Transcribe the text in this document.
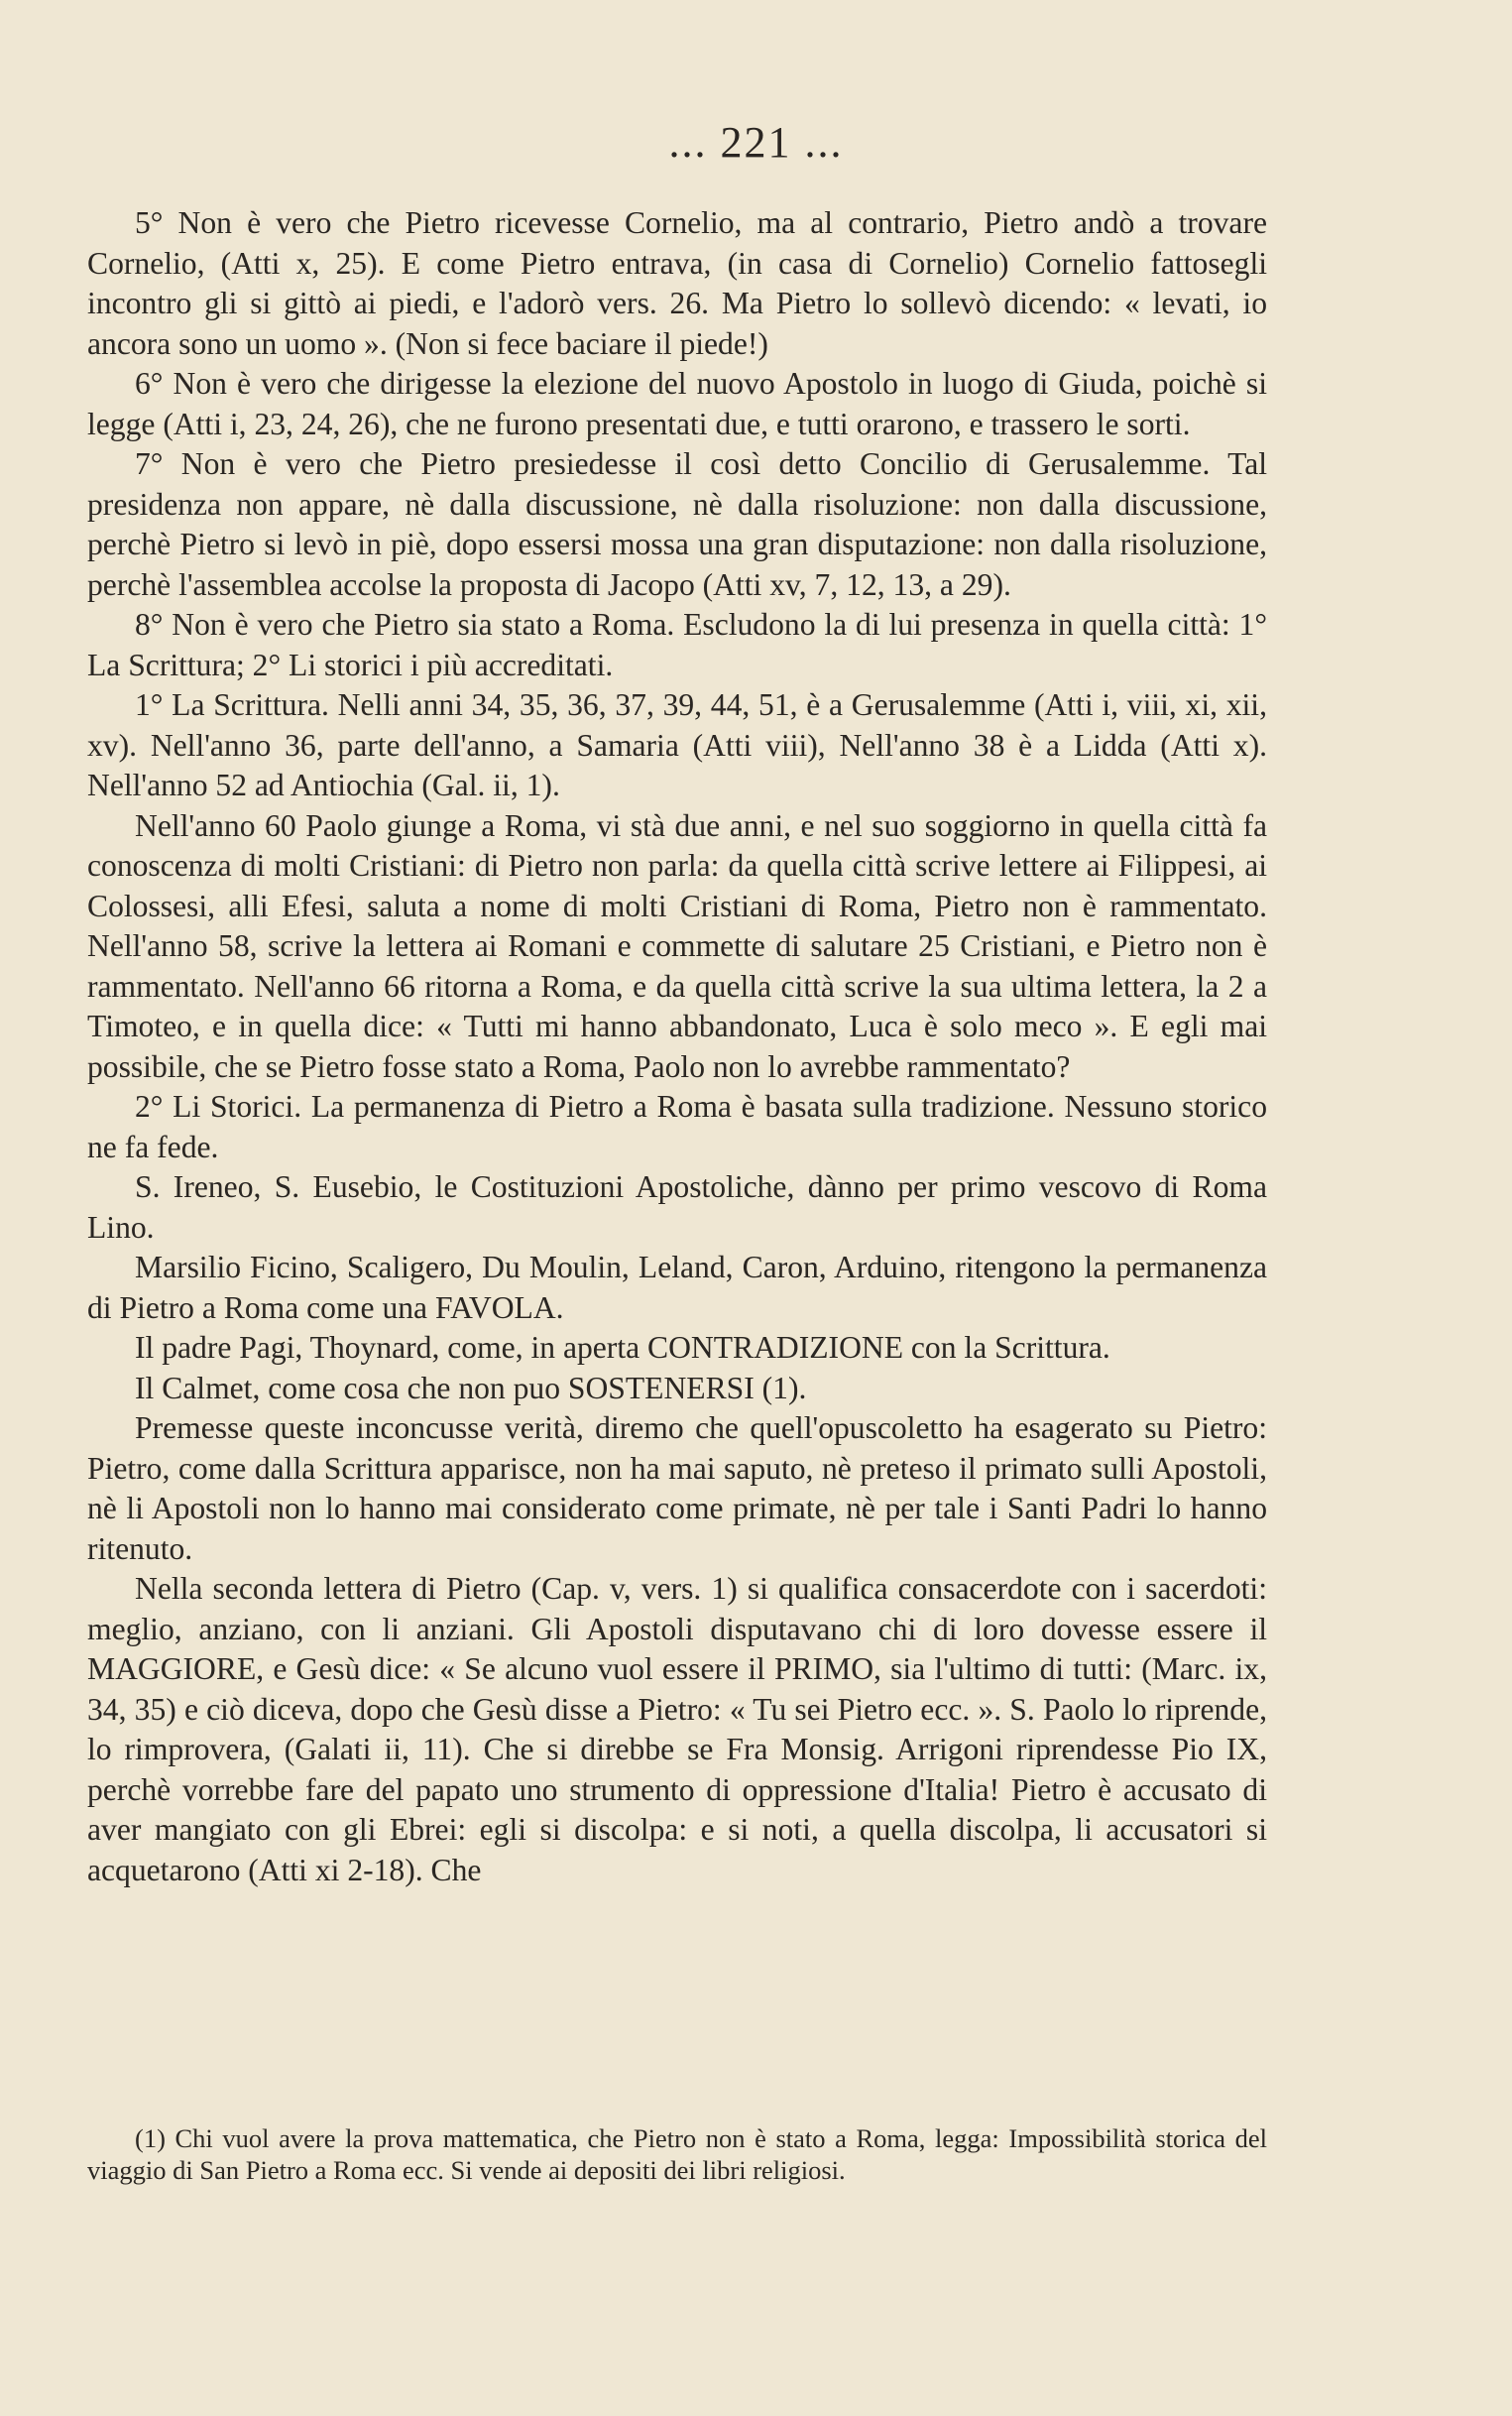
... 221 ...

5° Non è vero che Pietro ricevesse Cornelio, ma al contrario, Pietro andò a trovare Cornelio, (Atti x, 25). E come Pietro entrava, (in casa di Cornelio) Cornelio fattosegli incontro gli si gittò ai piedi, e l'adorò vers. 26. Ma Pietro lo sollevò dicendo: « levati, io ancora sono un uomo ». (Non si fece baciare il piede!)

6° Non è vero che dirigesse la elezione del nuovo Apostolo in luogo di Giuda, poichè si legge (Atti i, 23, 24, 26), che ne furono presentati due, e tutti orarono, e trassero le sorti.

7° Non è vero che Pietro presiedesse il così detto Concilio di Gerusalemme. Tal presidenza non appare, nè dalla discussione, nè dalla risoluzione: non dalla discussione, perchè Pietro si levò in piè, dopo essersi mossa una gran disputazione: non dalla risoluzione, perchè l'assemblea accolse la proposta di Jacopo (Atti xv, 7, 12, 13, a 29).

8° Non è vero che Pietro sia stato a Roma. Escludono la di lui presenza in quella città: 1° La Scrittura; 2° Li storici i più accreditati.

1° La Scrittura. Nelli anni 34, 35, 36, 37, 39, 44, 51, è a Gerusalemme (Atti i, viii, xi, xii, xv). Nell'anno 36, parte dell'anno, a Samaria (Atti viii), Nell'anno 38 è a Lidda (Atti x). Nell'anno 52 ad Antiochia (Gal. ii, 1).

Nell'anno 60 Paolo giunge a Roma, vi stà due anni, e nel suo soggiorno in quella città fa conoscenza di molti Cristiani: di Pietro non parla: da quella città scrive lettere ai Filippesi, ai Colossesi, alli Efesi, saluta a nome di molti Cristiani di Roma, Pietro non è rammentato. Nell'anno 58, scrive la lettera ai Romani e commette di salutare 25 Cristiani, e Pietro non è rammentato. Nell'anno 66 ritorna a Roma, e da quella città scrive la sua ultima lettera, la 2 a Timoteo, e in quella dice: « Tutti mi hanno abbandonato, Luca è solo meco ». E egli mai possibile, che se Pietro fosse stato a Roma, Paolo non lo avrebbe rammentato?

2° Li Storici. La permanenza di Pietro a Roma è basata sulla tradizione. Nessuno storico ne fa fede.

S. Ireneo, S. Eusebio, le Costituzioni Apostoliche, dànno per primo vescovo di Roma Lino.

Marsilio Ficino, Scaligero, Du Moulin, Leland, Caron, Arduino, ritengono la permanenza di Pietro a Roma come una FAVOLA.

Il padre Pagi, Thoynard, come, in aperta CONTRADIZIONE con la Scrittura.

Il Calmet, come cosa che non puo SOSTENERSI (1).

Premesse queste inconcusse verità, diremo che quell'opuscoletto ha esagerato su Pietro: Pietro, come dalla Scrittura apparisce, non ha mai saputo, nè preteso il primato sulli Apostoli, nè li Apostoli non lo hanno mai considerato come primate, nè per tale i Santi Padri lo hanno ritenuto.

Nella seconda lettera di Pietro (Cap. v, vers. 1) si qualifica consacerdote con i sacerdoti: meglio, anziano, con li anziani. Gli Apostoli disputavano chi di loro dovesse essere il MAGGIORE, e Gesù dice: « Se alcuno vuol essere il PRIMO, sia l'ultimo di tutti: (Marc. ix, 34, 35) e ciò diceva, dopo che Gesù disse a Pietro: « Tu sei Pietro ecc. ». S. Paolo lo riprende, lo rimprovera, (Galati ii, 11). Che si direbbe se Fra Monsig. Arrigoni riprendesse Pio IX, perchè vorrebbe fare del papato uno strumento di oppressione d'Italia! Pietro è accusato di aver mangiato con gli Ebrei: egli si discolpa: e si noti, a quella discolpa, li accusatori si acquetarono (Atti xi 2-18). Che

(1) Chi vuol avere la prova mattematica, che Pietro non è stato a Roma, legga: Impossibilità storica del viaggio di San Pietro a Roma ecc. Si vende ai depositi dei libri religiosi.
